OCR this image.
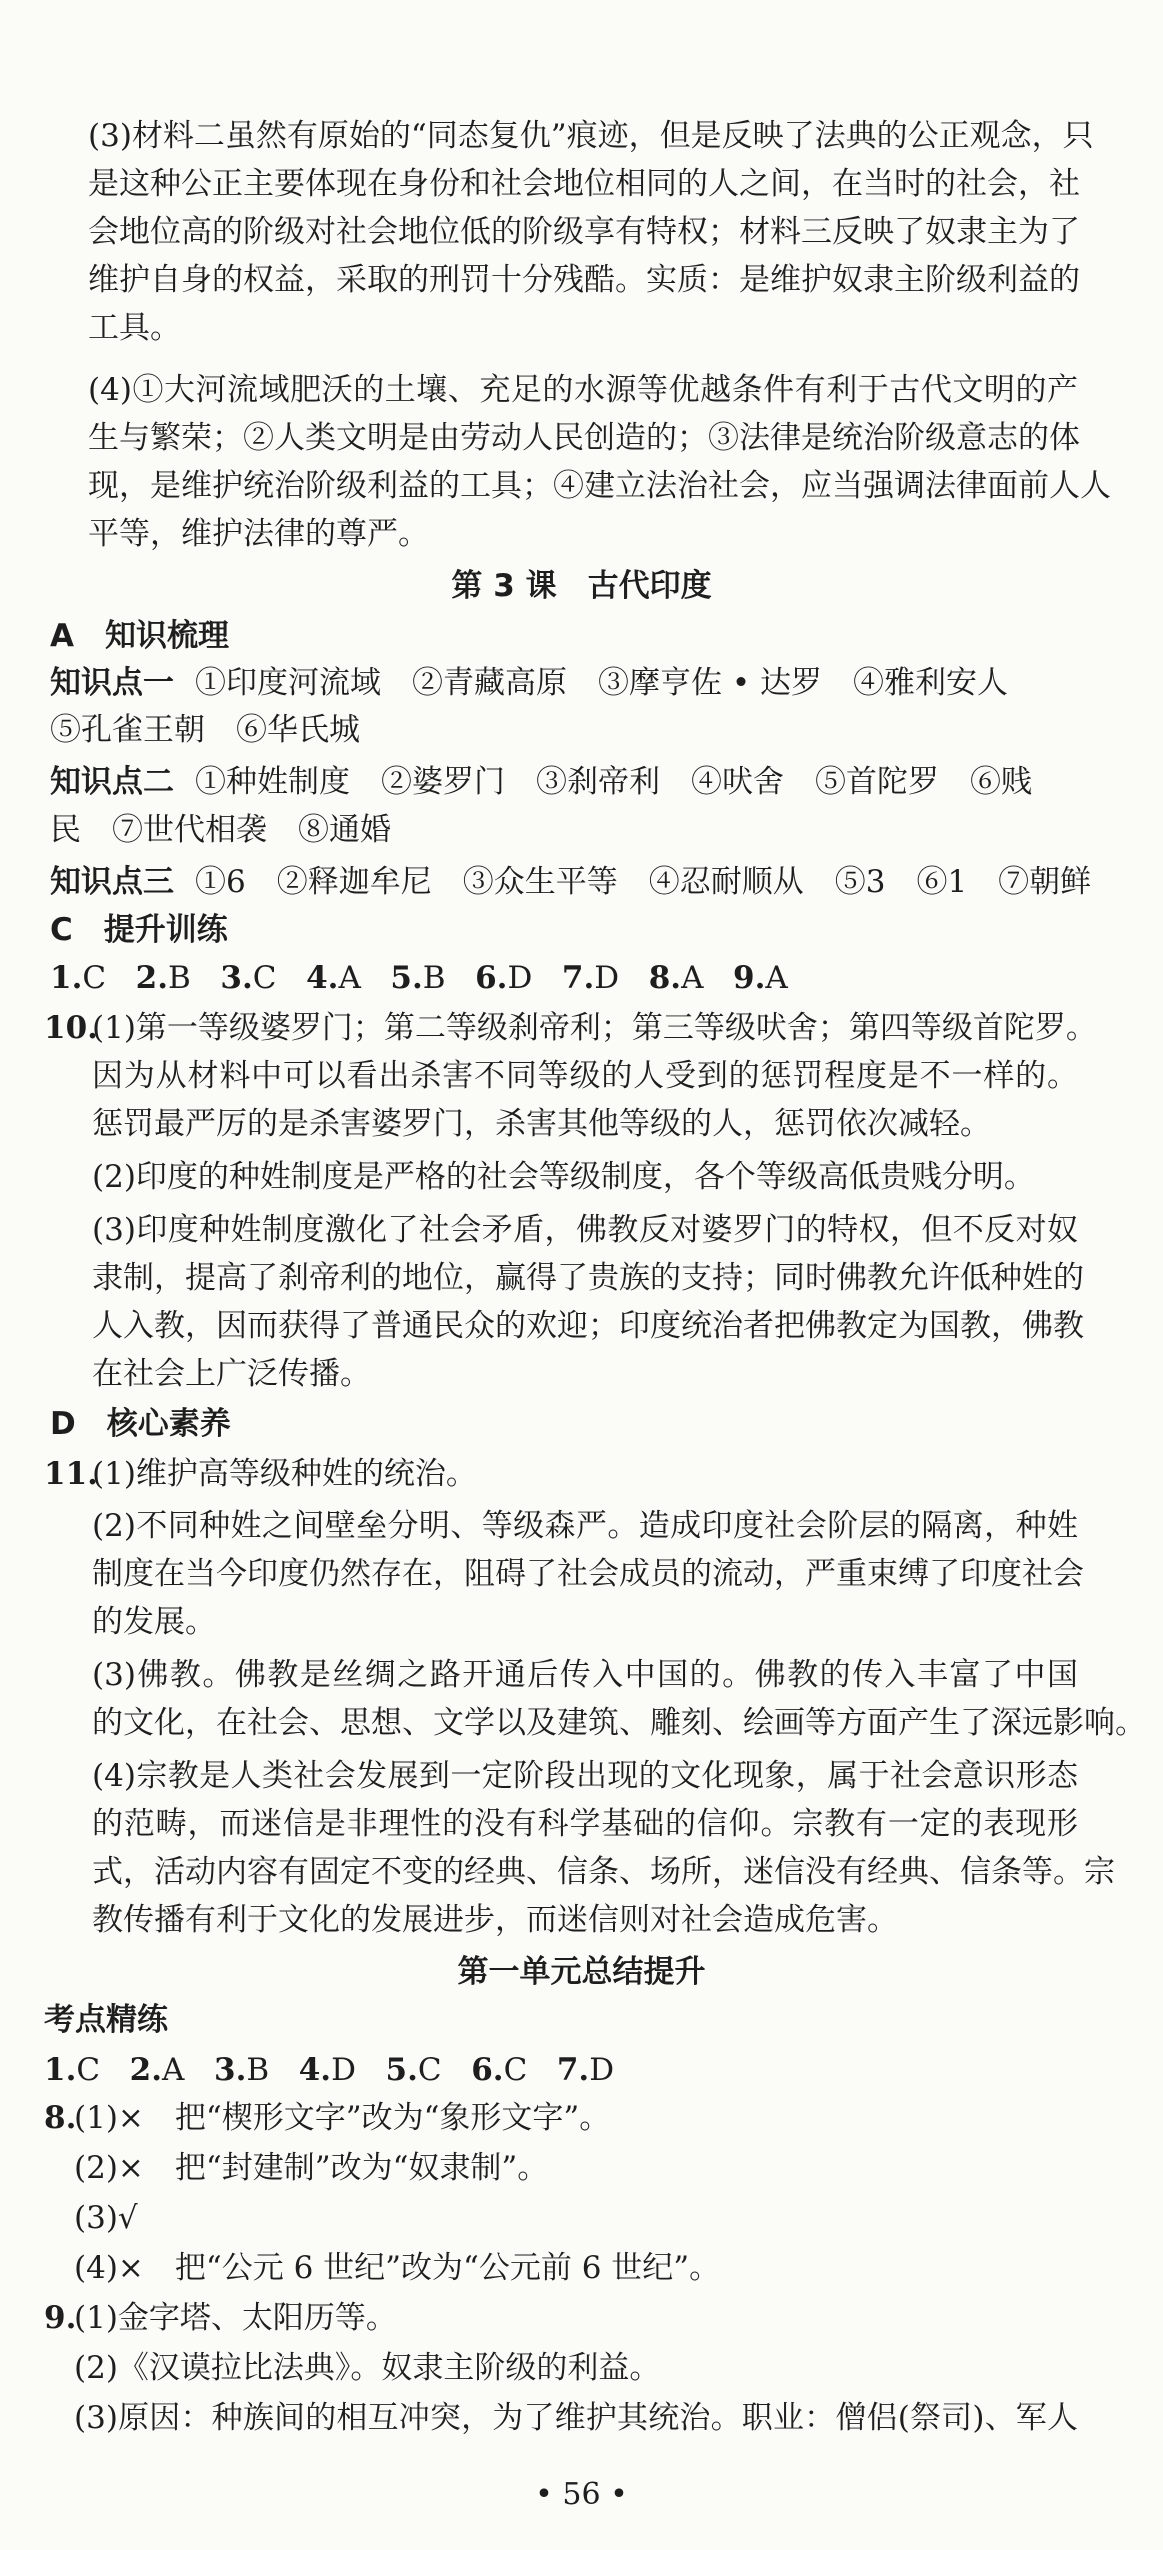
(3)材料二虽然有原始的“同态复仇”痕迹，但是反映了法典的公正观念，只
是这种公正主要体现在身份和社会地位相同的人之间，在当时的社会，社
会地位高的阶级对社会地位低的阶级享有特权；材料三反映了奴隶主为了
维护自身的权益，采取的刑罚十分残酷。实质：是维护奴隶主阶级利益的
工具。
(4)①大河流域肥沃的土壤、充足的水源等优越条件有利于古代文明的产
生与繁荣；②人类文明是由劳动人民创造的；③法律是统治阶级意志的体
现，是维护统治阶级利益的工具；④建立法治社会，应当强调法律面前人人
平等，维护法律的尊严。
第 3 课　古代印度
A　知识梳理
知识点一 ①印度河流域　②青藏高原　③摩亨佐 • 达罗　④雅利安人
⑤孔雀王朝　⑥华氏城
知识点二 ①种姓制度　②婆罗门　③刹帝利　④吠舍　⑤首陀罗　⑥贱
民　⑦世代相袭　⑧通婚
知识点三 ①6　②释迦牟尼　③众生平等　④忍耐顺从　⑤3　⑥1　⑦朝鲜
C　提升训练
1.C 2.B 3.C 4.A 5.B 6.D 7.D 8.A 9.A
10.
(1)第一等级婆罗门；第二等级刹帝利；第三等级吠舍；第四等级首陀罗。
因为从材料中可以看出杀害不同等级的人受到的惩罚程度是不一样的。
惩罚最严厉的是杀害婆罗门，杀害其他等级的人，惩罚依次减轻。
(2)印度的种姓制度是严格的社会等级制度，各个等级高低贵贱分明。
(3)印度种姓制度激化了社会矛盾，佛教反对婆罗门的特权，但不反对奴
隶制，提高了刹帝利的地位，赢得了贵族的支持；同时佛教允许低种姓的
人入教，因而获得了普通民众的欢迎；印度统治者把佛教定为国教，佛教
在社会上广泛传播。
D　核心素养
11.
(1)维护高等级种姓的统治。
(2)不同种姓之间壁垒分明、等级森严。造成印度社会阶层的隔离，种姓
制度在当今印度仍然存在，阻碍了社会成员的流动，严重束缚了印度社会
的发展。
(3)佛教。佛教是丝绸之路开通后传入中国的。佛教的传入丰富了中国
的文化，在社会、思想、文学以及建筑、雕刻、绘画等方面产生了深远影响。
(4)宗教是人类社会发展到一定阶段出现的文化现象，属于社会意识形态
的范畴，而迷信是非理性的没有科学基础的信仰。宗教有一定的表现形
式，活动内容有固定不变的经典、信条、场所，迷信没有经典、信条等。宗
教传播有利于文化的发展进步，而迷信则对社会造成危害。
第一单元总结提升
考点精练
1.C 2.A 3.B 4.D 5.C 6.C 7.D
8.
(1)×　把“楔形文字”改为“象形文字”。
(2)×　把“封建制”改为“奴隶制”。
(3)√
(4)×　把“公元 6 世纪”改为“公元前 6 世纪”。
9.
(1)金字塔、太阳历等。
(2)《汉谟拉比法典》。奴隶主阶级的利益。
(3)原因：种族间的相互冲突，为了维护其统治。职业：僧侣(祭司)、军人
• 56 •
